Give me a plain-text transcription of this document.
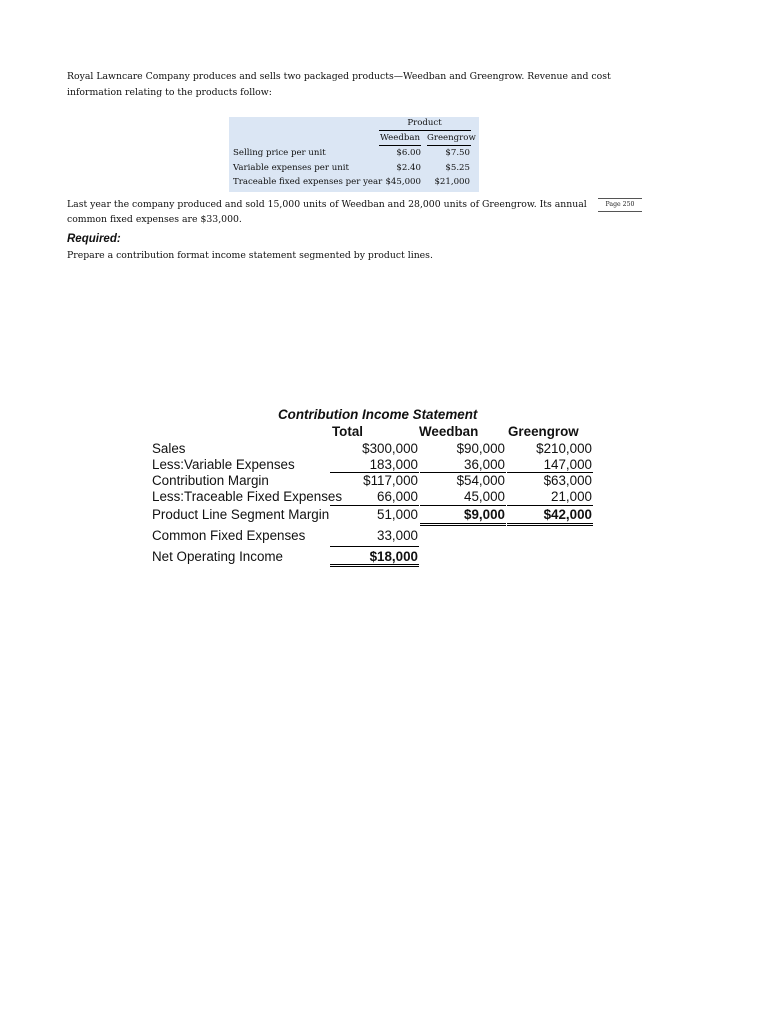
Royal Lawncare Company produces and sells two packaged products—Weedban and Greengrow. Revenue and cost information relating to the products follow:
Product
Weedban Greengrow
Selling price per unit	$6.00	$7.50
Variable expenses per unit	$2.40	$5.25
Traceable fixed expenses per year $45,000	$21,000
Last year the company produced and sold 15,000 units of Weedban and 28,000 units of Greengrow. Its annual common fixed expenses are $33,000.
Page 250
Required:
Prepare a contribution format income statement segmented by product lines.
Contribution Income Statement
Total	Weedban Greengrow
Sales	$300,000	$90,000	$210,000
Less:Variable Expenses	183,000	36,000	147,000
Contribution Margin	$117,000	$54,000	$63,000
Less:Traceable Fixed Expenses	66,000	45,000	21,000
Product Line Segment Margin	51,000	$9,000	$42,000
Common Fixed Expenses	33,000
Net Operating Income	$18,000
